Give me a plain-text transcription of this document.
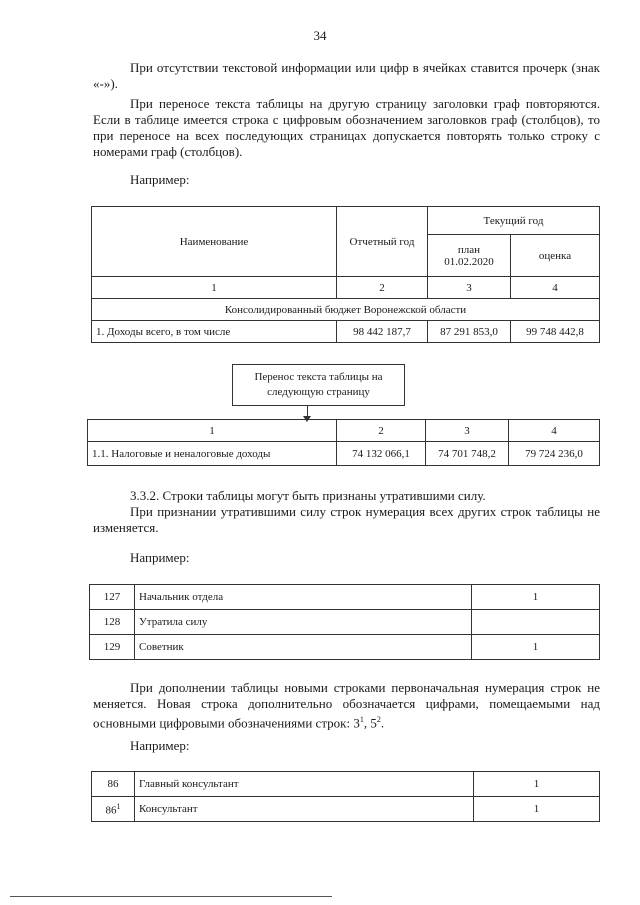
34

При отсутствии текстовой информации или цифр в ячейках ставится прочерк (знак «-»).

При переносе текста таблицы на другую страницу заголовки граф повторяются. Если в таблице имеется строка с цифровым обозначением заголовков граф (столбцов), то при переносе на всех последующих страницах допускается повторять только строку с номерами граф (столбцов).

Например:

Наименование	Отчетный год	Текущий год	
		план 01.02.2020	оценка
1	2	3	4
Консолидированный бюджет Воронежской области			
1. Доходы всего, в том числе	98 442 187,7	87 291 853,0	99 748 442,8
Перенос текста таблицы на следующую страницу
1	2	3	4
1.1. Налоговые и неналоговые доходы	74 132 066,1	74 701 748,2	79 724 236,0

3.3.2. Строки таблицы могут быть признаны утратившими силу.

При признании утратившими силу строк нумерация всех других строк таблицы не изменяется.

Например:

127	Начальник отдела	1
128	Утратила силу	
129	Советник	1

При дополнении таблицы новыми строками первоначальная нумерация строк не меняется. Новая строка дополнительно обозначается цифрами, помещаемыми над основными цифровыми обозначениями строк: $3^1$, $5^2$.

Например:

86	Главный консультант	1
$86^1$	Консультант	1
